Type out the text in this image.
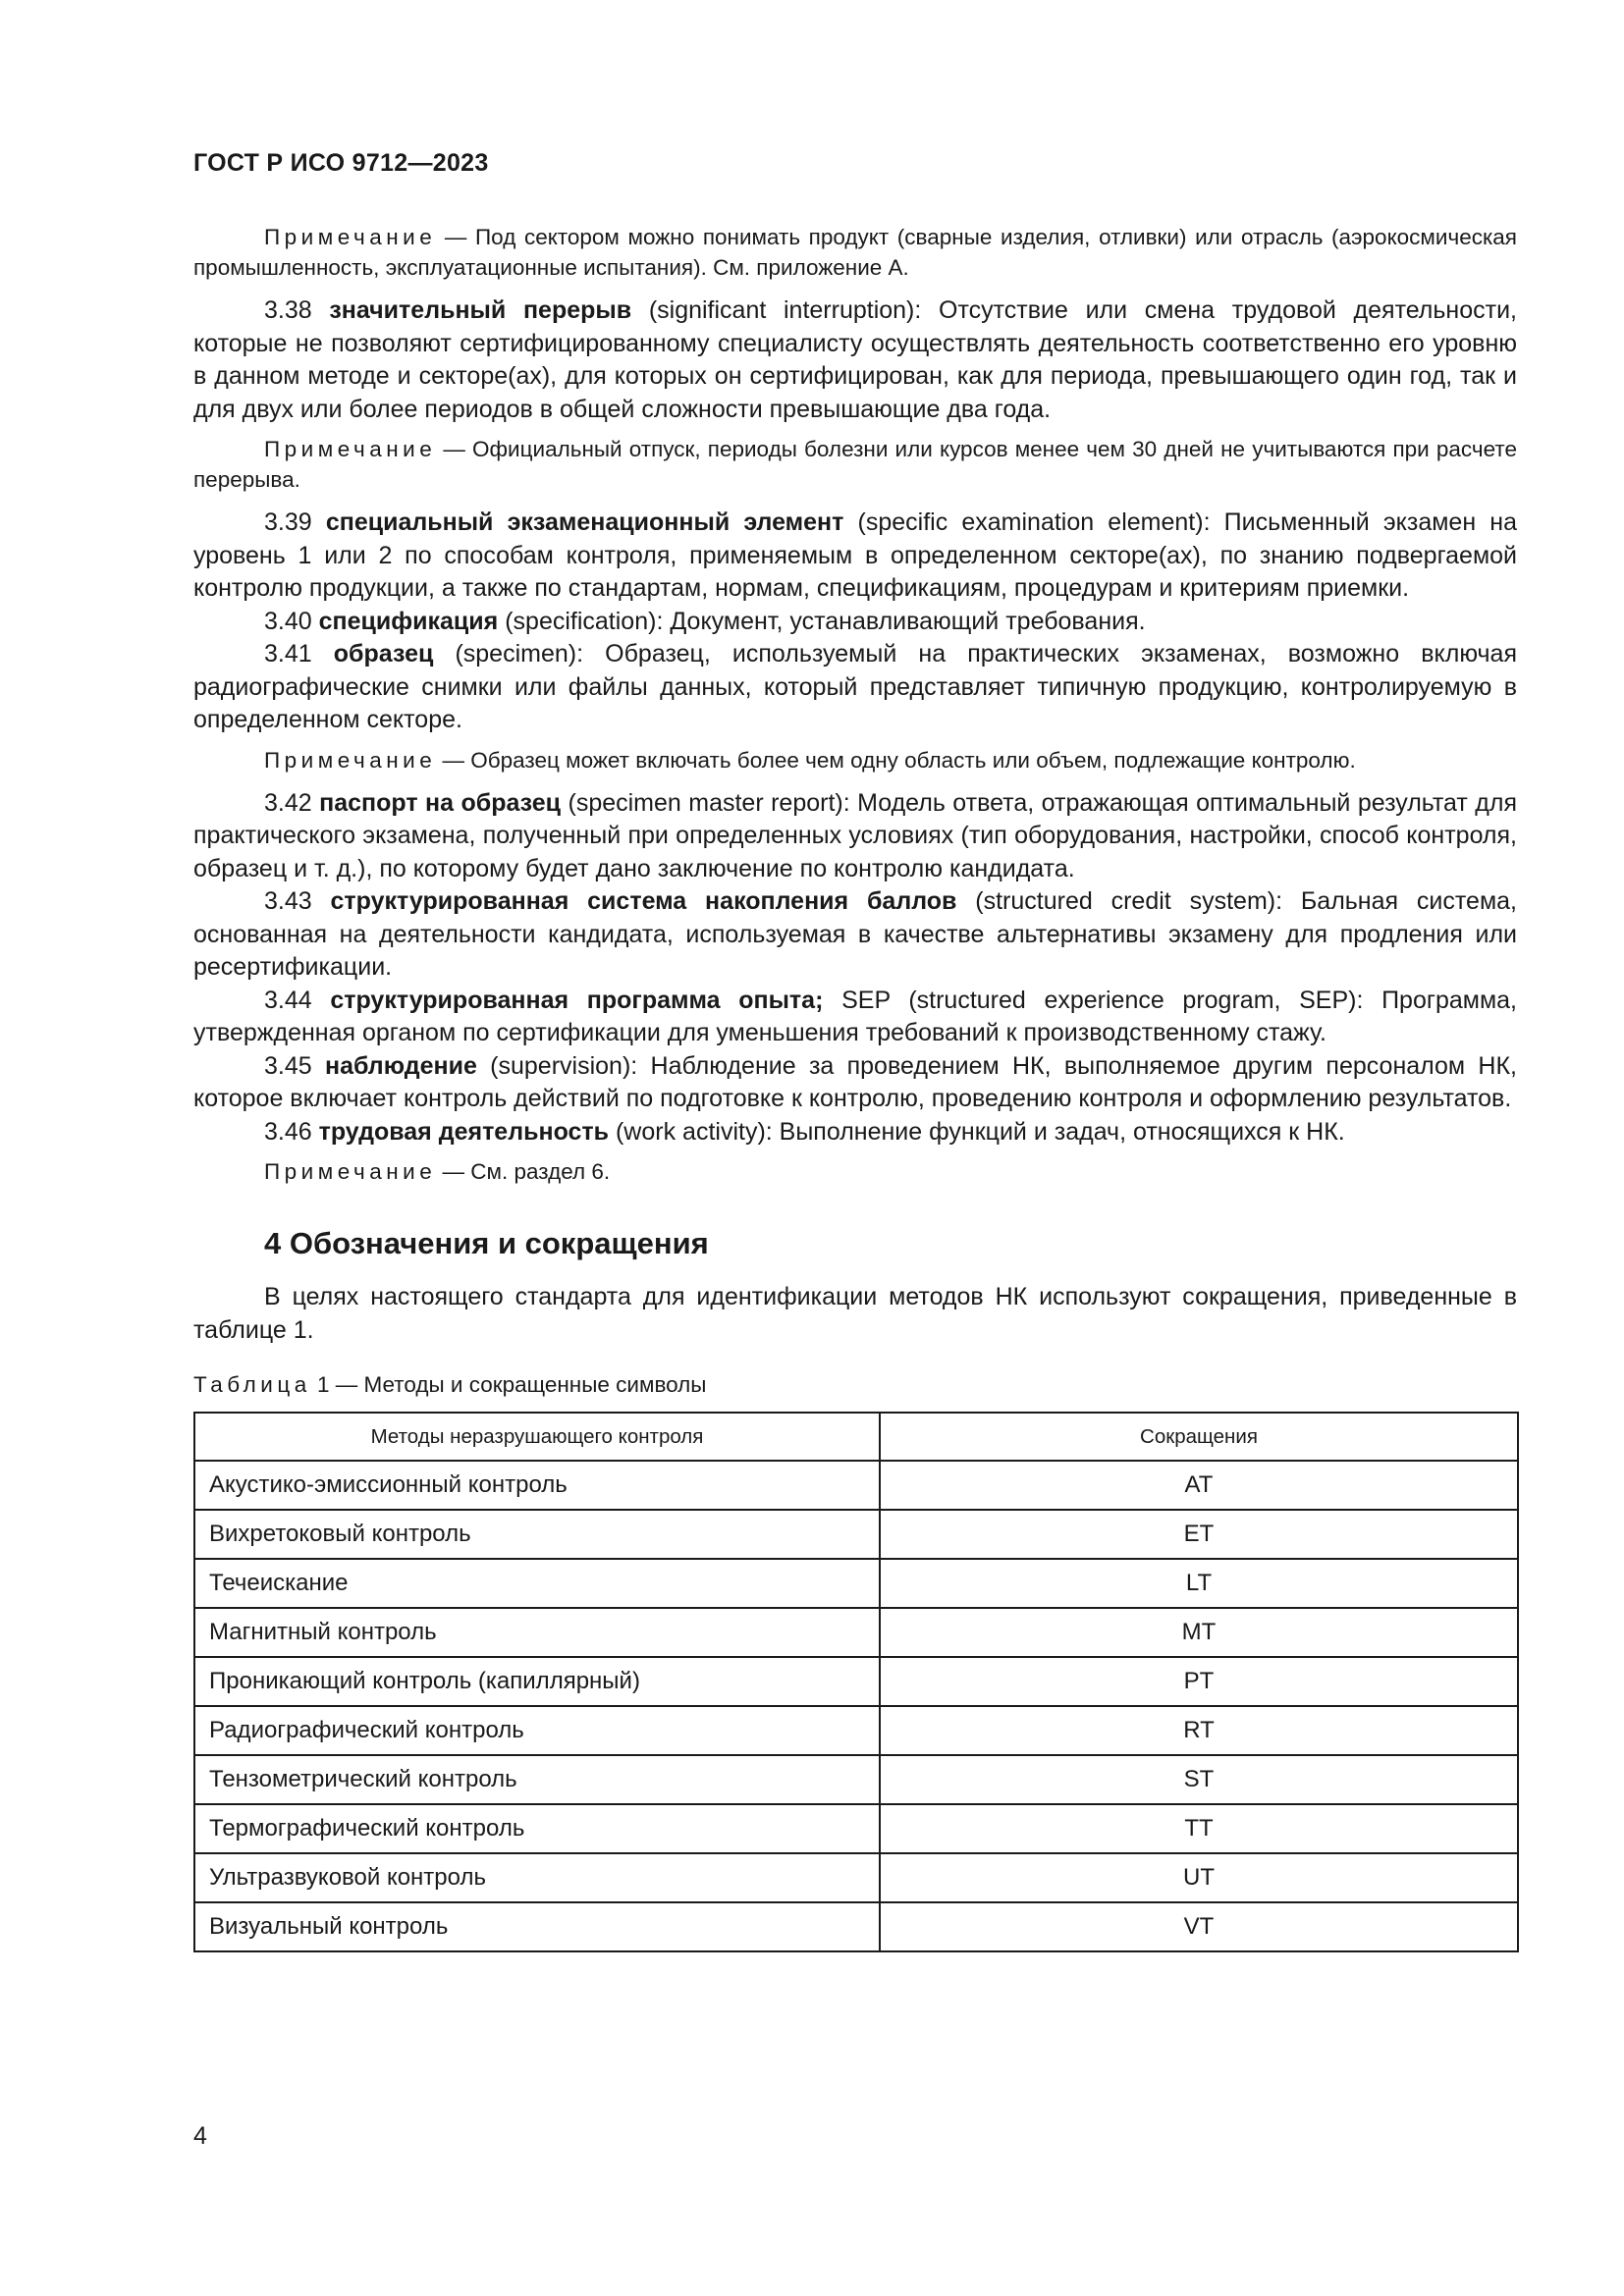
ГОСТ Р ИСО 9712—2023

Примечание — Под сектором можно понимать продукт (сварные изделия, отливки) или отрасль (аэрокосмическая промышленность, эксплуатационные испытания). См. приложение А.

3.38 значительный перерыв (significant interruption): Отсутствие или смена трудовой деятельности, которые не позволяют сертифицированному специалисту осуществлять деятельность соответственно его уровню в данном методе и секторе(ах), для которых он сертифицирован, как для периода, превышающего один год, так и для двух или более периодов в общей сложности превышающие два года.

Примечание — Официальный отпуск, периоды болезни или курсов менее чем 30 дней не учитываются при расчете перерыва.

3.39 специальный экзаменационный элемент (specific examination element): Письменный экзамен на уровень 1 или 2 по способам контроля, применяемым в определенном секторе(ах), по знанию подвергаемой контролю продукции, а также по стандартам, нормам, спецификациям, процедурам и критериям приемки.

3.40 спецификация (specification): Документ, устанавливающий требования.

3.41 образец (specimen): Образец, используемый на практических экзаменах, возможно включая радиографические снимки или файлы данных, который представляет типичную продукцию, контролируемую в определенном секторе.

Примечание — Образец может включать более чем одну область или объем, подлежащие контролю.

3.42 паспорт на образец (specimen master report): Модель ответа, отражающая оптимальный результат для практического экзамена, полученный при определенных условиях (тип оборудования, настройки, способ контроля, образец и т. д.), по которому будет дано заключение по контролю кандидата.

3.43 структурированная система накопления баллов (structured credit system): Бальная система, основанная на деятельности кандидата, используемая в качестве альтернативы экзамену для продления или ресертификации.

3.44 структурированная программа опыта; SEP (structured experience program, SEP): Программа, утвержденная органом по сертификации для уменьшения требований к производственному стажу.

3.45 наблюдение (supervision): Наблюдение за проведением НК, выполняемое другим персоналом НК, которое включает контроль действий по подготовке к контролю, проведению контроля и оформлению результатов.

3.46 трудовая деятельность (work activity): Выполнение функций и задач, относящихся к НК.

Примечание — См. раздел 6.

4 Обозначения и сокращения

В целях настоящего стандарта для идентификации методов НК используют сокращения, приведенные в таблице 1.

Таблица 1 — Методы и сокращенные символы
Методы неразрушающего контроля	Сокращения
Акустико-эмиссионный контроль	AT
Вихретоковый контроль	ET
Течеискание	LT
Магнитный контроль	MT
Проникающий контроль (капиллярный)	PT
Радиографический контроль	RT
Тензометрический контроль	ST
Термографический контроль	TT
Ультразвуковой контроль	UT
Визуальный контроль	VT
4
